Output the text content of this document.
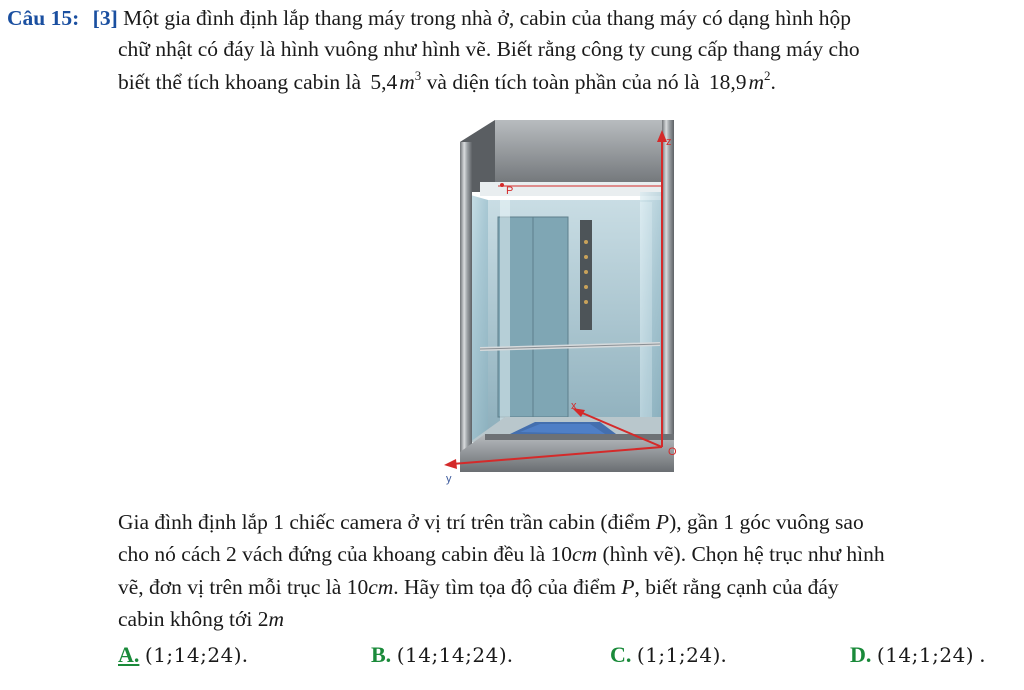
Câu 15: [3] Một gia đình định lắp thang máy trong nhà ở, cabin của thang máy có dạng hình hộp
chữ nhật có đáy là hình vuông như hình vẽ. Biết rằng công ty cung cấp thang máy cho
biết thể tích khoang cabin là $5,4m^3$ và diện tích toàn phần của nó là $18,9m^2$.
z
P
x
y
O
Gia đình định lắp 1 chiếc camera ở vị trí trên trần cabin (điểm P), gần 1 góc vuông sao
cho nó cách 2 vách đứng của khoang cabin đều là 10cm (hình vẽ). Chọn hệ trục như hình
vẽ, đơn vị trên mỗi trục là 10cm. Hãy tìm tọa độ của điểm P, biết rằng cạnh của đáy
cabin không tới 2m
A. (1;14;24).	B. (14;14;24).	C. (1;1;24).	D. (14;1;24) .
